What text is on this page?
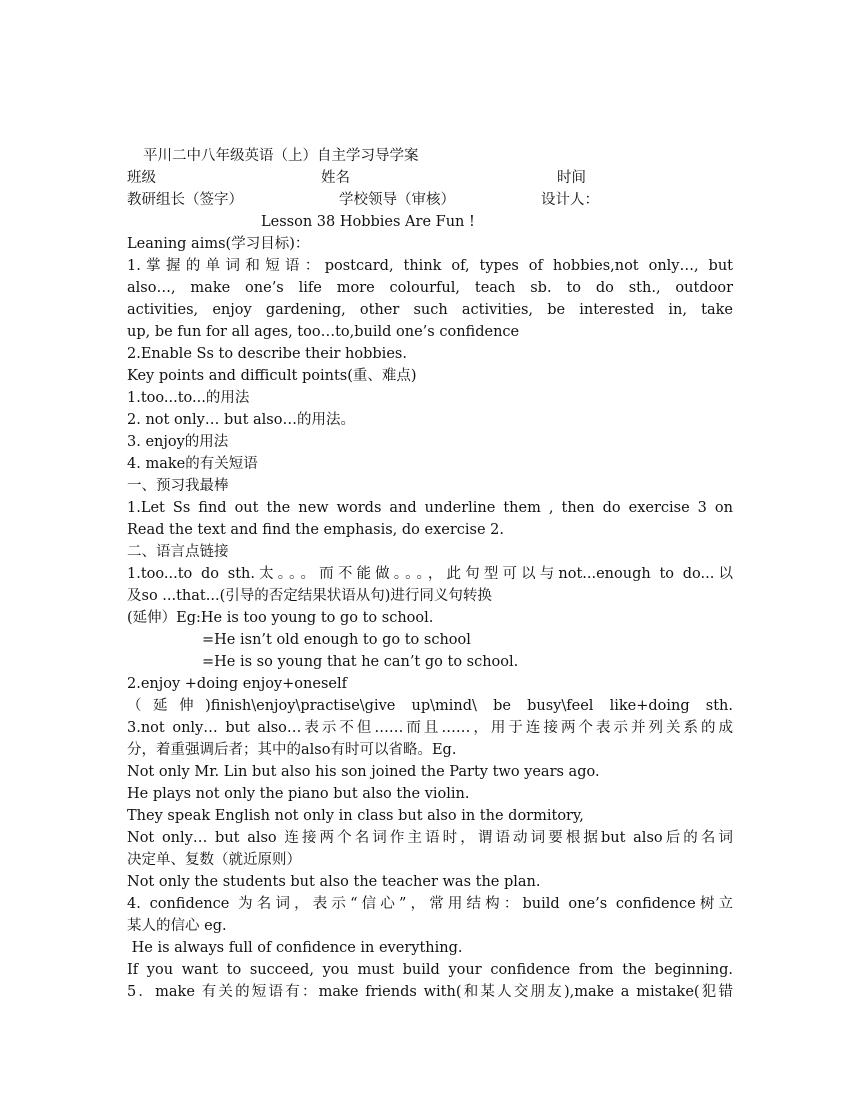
平川二中八年级英语（上）自主学习导学案
班级	姓名	时间
教研组长（签字）	学校领导（审核）	设计人：
Lesson 38 Hobbies Are Fun !
Leaning aims(学习目标)：
1.掌握的单词和短语：postcard, think of, types of hobbies,not only…, but
also…, make one’s life more colourful, teach sb. to do sth., outdoor
activities, enjoy gardening, other such activities, be interested in, take
up, be fun for all ages, too…to,build one’s confidence
2.Enable Ss to describe their hobbies.
Key points and difficult points(重、难点)
1.too...to...的用法
2. not only… but also…的用法。
3. enjoy的用法
4. make的有关短语
一、预习我最棒
1.Let Ss find out the new words and underline them , then do exercise 3 on
Read the text and find the emphasis, do exercise 2.
二、语言点链接
1.too...to do sth.太。。。而不能做。。。，此句型可以与not...enough to do...以
及so ...that...(引导的否定结果状语从句)进行同义句转换
(延伸）Eg:He is too young to go to school.
=He isn’t old enough to go to school
=He is so young that he can’t go to school.
2.enjoy +doing enjoy+oneself
（延伸)finish\enjoy\practise\give up\mind\ be busy\feel like+doing sth.
3.not only… but also…表示不但……而且……，用于连接两个表示并列关系的成
分，着重强调后者；其中的also有时可以省略。Eg.
Not only Mr. Lin but also his son joined the Party two years ago.
He plays not only the piano but also the violin.
They speak English not only in class but also in the dormitory,
Not only… but also 连接两个名词作主语时，谓语动词要根据but also后的名词
决定单、复数（就近原则）
Not only the students but also the teacher was the plan.
4. confidence 为名词，表示“信心”，常用结构：build one’s confidence树立
某人的信心 eg.
He is always full of confidence in everything.
If you want to succeed, you must build your confidence from the beginning.
5．make 有关的短语有：make friends with(和某人交朋友),make a mistake(犯错
